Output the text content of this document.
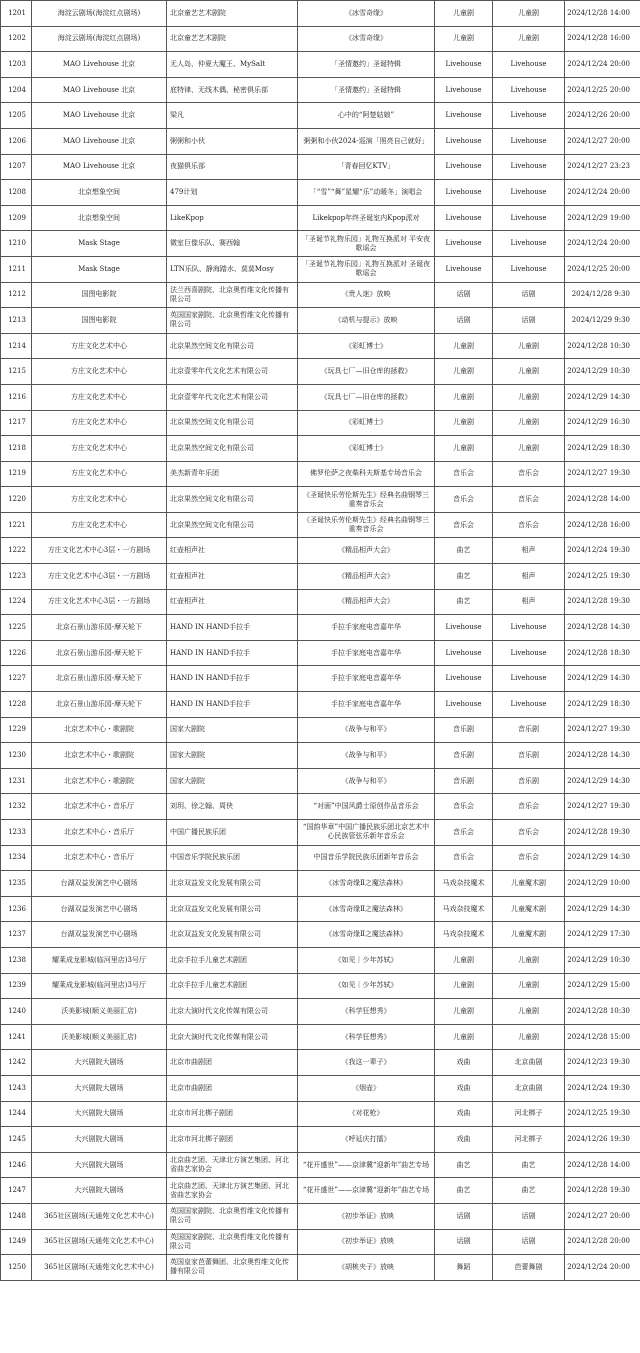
1201	海淀云剧场(海淀红点剧场)	北京童艺艺术剧院	《冰雪奇缘》	儿童剧	儿童剧	2024/12/28 14:00
1202	海淀云剧场(海淀红点剧场)	北京童艺艺术剧院	《冰雪奇缘》	儿童剧	儿童剧	2024/12/28 16:00
1203	MAO Livehouse 北京	无人岛、仲夏大魔王、MySalt	「圣情邀约」圣诞特辑	Livehouse	Livehouse	2024/12/24 20:00
1204	MAO Livehouse 北京	底特律、无线木偶、秘密俱乐部	「圣情邀约」圣诞特辑	Livehouse	Livehouse	2024/12/25 20:00
1205	MAO Livehouse 北京	梁凡	心中的“阿楚姑娘”	Livehouse	Livehouse	2024/12/26 20:00
1206	MAO Livehouse 北京	粥粥和小伙	粥粥和小伙2024-巡演「照亮自己就好」	Livehouse	Livehouse	2024/12/27 20:00
1207	MAO Livehouse 北京	夜猫俱乐部	「青春回忆KTV」	Livehouse	Livehouse	2024/12/27 23:23
1208	北京想象空间	479计划	「“雪”“舞”星耀“乐”动暖冬」演唱会	Livehouse	Livehouse	2024/12/24 20:00
1209	北京想象空间	LikeKpop	Likekpop年终圣诞室内Kpop派对	Livehouse	Livehouse	2024/12/29 19:00
1210	Mask Stage	微室巨像乐队、赛西翰	「圣诞节礼物乐园」礼物互换派对 平安夜歌谣会	Livehouse	Livehouse	2024/12/24 20:00
1211	Mask Stage	LTN乐队、静海踏水、莫莫Mosy	「圣诞节礼物乐园」礼物互换派对 圣诞夜歌谣会	Livehouse	Livehouse	2024/12/25 20:00
1212	国图电影院	法兰西喜剧院、北京奥哲维文化传播有限公司	《贵人迷》放映	话剧	话剧	2024/12/28 9:30
1213	国图电影院	英国国家剧院、北京奥哲维文化传播有限公司	《动机与提示》放映	话剧	话剧	2024/12/29 9:30
1214	方庄文化艺术中心	北京果然空间文化有限公司	《彩虹博士》	儿童剧	儿童剧	2024/12/28 10:30
1215	方庄文化艺术中心	北京壹零年代文化艺术有限公司	《玩具七厂—旧仓库的拯救》	儿童剧	儿童剧	2024/12/29 10:30
1216	方庄文化艺术中心	北京壹零年代文化艺术有限公司	《玩具七厂—旧仓库的拯救》	儿童剧	儿童剧	2024/12/29 14:30
1217	方庄文化艺术中心	北京果然空间文化有限公司	《彩虹博士》	儿童剧	儿童剧	2024/12/29 16:30
1218	方庄文化艺术中心	北京果然空间文化有限公司	《彩虹博士》	儿童剧	儿童剧	2024/12/29 18:30
1219	方庄文化艺术中心	美杰新青年乐团	佛罗伦萨之夜柴科夫斯基专场音乐会	音乐会	音乐会	2024/12/27 19:30
1220	方庄文化艺术中心	北京果然空间文化有限公司	《圣诞快乐劳伦斯先生》经典名曲钢琴三重奏音乐会	音乐会	音乐会	2024/12/28 14:00
1221	方庄文化艺术中心	北京果然空间文化有限公司	《圣诞快乐劳伦斯先生》经典名曲钢琴三重奏音乐会	音乐会	音乐会	2024/12/28 16:00
1222	方庄文化艺术中心3层・一方剧场	红壶相声社	《精品相声大会》	曲艺	相声	2024/12/24 19:30
1223	方庄文化艺术中心3层・一方剧场	红壶相声社	《精品相声大会》	曲艺	相声	2024/12/25 19:30
1224	方庄文化艺术中心3层・一方剧场	红壶相声社	《精品相声大会》	曲艺	相声	2024/12/28 19:30
1225	北京石景山游乐园-摩天轮下	HAND IN HAND手拉手	手拉手家庭电音嘉年华	Livehouse	Livehouse	2024/12/28 14:30
1226	北京石景山游乐园-摩天轮下	HAND IN HAND手拉手	手拉手家庭电音嘉年华	Livehouse	Livehouse	2024/12/28 18:30
1227	北京石景山游乐园-摩天轮下	HAND IN HAND手拉手	手拉手家庭电音嘉年华	Livehouse	Livehouse	2024/12/29 14:30
1228	北京石景山游乐园-摩天轮下	HAND IN HAND手拉手	手拉手家庭电音嘉年华	Livehouse	Livehouse	2024/12/29 18:30
1229	北京艺术中心・歌剧院	国家大剧院	《战争与和平》	音乐剧	音乐剧	2024/12/27 19:30
1230	北京艺术中心・歌剧院	国家大剧院	《战争与和平》	音乐剧	音乐剧	2024/12/28 14:30
1231	北京艺术中心・歌剧院	国家大剧院	《战争与和平》	音乐剧	音乐剧	2024/12/29 14:30
1232	北京艺术中心・音乐厅	刘玥、徐之翰、周侠	“对画”中国风爵士原创作品音乐会	音乐会	音乐会	2024/12/27 19:30
1233	北京艺术中心・音乐厅	中国广播民族乐团	“国韵华章”中国广播民族乐团北京艺术中心民族管弦乐新年音乐会	音乐会	音乐会	2024/12/28 19:30
1234	北京艺术中心・音乐厅	中国音乐学院民族乐团	中国音乐学院民族乐团新年音乐会	音乐会	音乐会	2024/12/29 14:30
1235	台湖双益发演艺中心剧场	北京双益发文化发展有限公司	《冰雪奇缘Ⅱ之魔法森林》	马戏杂技魔术	儿童魔术剧	2024/12/29 10:00
1236	台湖双益发演艺中心剧场	北京双益发文化发展有限公司	《冰雪奇缘Ⅱ之魔法森林》	马戏杂技魔术	儿童魔术剧	2024/12/29 14:30
1237	台湖双益发演艺中心剧场	北京双益发文化发展有限公司	《冰雪奇缘Ⅱ之魔法森林》	马戏杂技魔术	儿童魔术剧	2024/12/29 17:30
1238	耀莱成龙影城(临河里店)3号厅	北京手拉手儿童艺术剧团	《如见｜少年苏轼》	儿童剧	儿童剧	2024/12/29 10:30
1239	耀莱成龙影城(临河里店)3号厅	北京手拉手儿童艺术剧团	《如见｜少年苏轼》	儿童剧	儿童剧	2024/12/29 15:00
1240	沃美影城(顺义美丽汇店)	北京大演时代文化传媒有限公司	《科学狂想秀》	儿童剧	儿童剧	2024/12/28 10:30
1241	沃美影城(顺义美丽汇店)	北京大演时代文化传媒有限公司	《科学狂想秀》	儿童剧	儿童剧	2024/12/28 15:00
1242	大兴剧院大剧场	北京市曲剧团	《我这一辈子》	戏曲	北京曲剧	2024/12/23 19:30
1243	大兴剧院大剧场	北京市曲剧团	《烟壶》	戏曲	北京曲剧	2024/12/24 19:30
1244	大兴剧院大剧场	北京市河北梆子剧团	《对花枪》	戏曲	河北梆子	2024/12/25 19:30
1245	大兴剧院大剧场	北京市河北梆子剧团	《呼延庆打擂》	戏曲	河北梆子	2024/12/26 19:30
1246	大兴剧院大剧场	北京曲艺团、天津北方演艺集团、河北省曲艺家协会	“花开盛世”——京津冀“迎新年”曲艺专场	曲艺	曲艺	2024/12/28 14:00
1247	大兴剧院大剧场	北京曲艺团、天津北方演艺集团、河北省曲艺家协会	“花开盛世”——京津冀“迎新年”曲艺专场	曲艺	曲艺	2024/12/28 19:30
1248	365社区剧场(天通苑文化艺术中心)	英国国家剧院、北京奥哲维文化传播有限公司	《初步举证》放映	话剧	话剧	2024/12/27 20:00
1249	365社区剧场(天通苑文化艺术中心)	英国国家剧院、北京奥哲维文化传播有限公司	《初步举证》放映	话剧	话剧	2024/12/28 20:00
1250	365社区剧场(天通苑文化艺术中心)	英国皇家芭蕾舞团、北京奥哲维文化传播有限公司	《胡桃夹子》放映	舞蹈	芭蕾舞剧	2024/12/24 20:00
